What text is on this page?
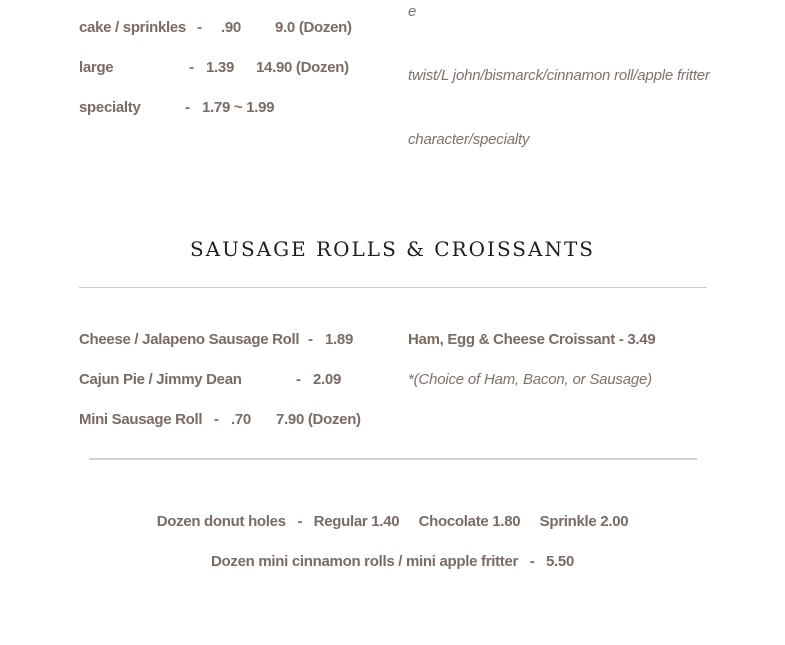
cake / sprinkles - .90 9.0 (Dozen)
large	- 1.39 14.90 (Dozen)
specialty	- 1.79 ~ 1.99
e
twist/L john/bismarck/cinnamon roll/apple fritter
character/specialty
SAUSAGE ROLLS & CROISSANTS
Cheese / Jalapeno Sausage Roll - 1.89
Cajun Pie / Jimmy Dean	- 2.09
Mini Sausage Roll - .70 7.90 (Dozen)
Ham, Egg & Cheese Croissant - 3.49
*(Choice of Ham, Bacon, or Sausage)
Dozen donut holes - Regular 1.40 Chocolate 1.80 Sprinkle 2.00
Dozen mini cinnamon rolls / mini apple fritter - 5.50
